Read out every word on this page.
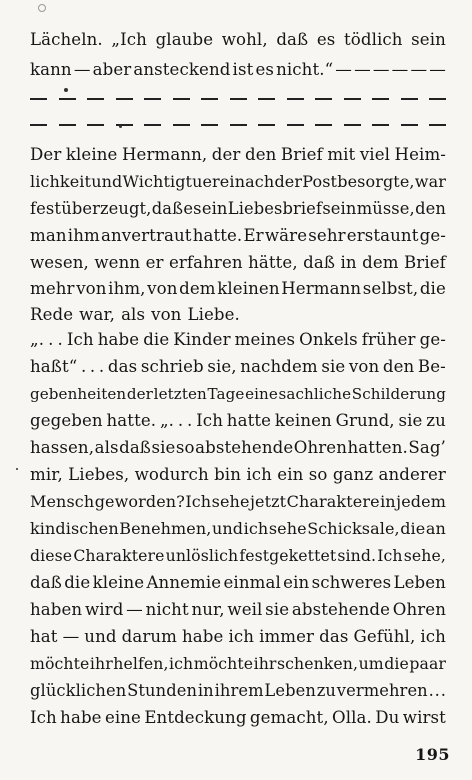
Lächeln. „Ich glaube wohl, daß es tödlich sein
kann — aber ansteckend ist es nicht.“ — — — — — —
Der kleine Hermann, der den Brief mit viel Heim-
lichkeit und Wichtigtuerei nach der Post besorgte, war
fest überzeugt, daß es ein Liebesbrief sein müsse, den
man ihm anvertraut hatte. Er wäre sehr erstaunt ge-
wesen, wenn er erfahren hätte, daß in dem Brief
mehr von ihm, von dem kleinen Hermann selbst, die
Rede war, als von Liebe.
„. . . Ich habe die Kinder meines Onkels früher ge-
haßt“ . . . das schrieb sie, nachdem sie von den Be-
gebenheiten der letzten Tage eine sachliche Schilderung
gegeben hatte. „. . . Ich hatte keinen Grund, sie zu
hassen, als daß sie so abstehende Ohren hatten. Sag’
mir, Liebes, wodurch bin ich ein so ganz anderer
Mensch geworden? Ich sehe jetzt Charaktere in jedem
kindischen Benehmen, und ich sehe Schicksale, die an
diese Charaktere unlöslich festgekettet sind. Ich sehe,
daß die kleine Annemie einmal ein schweres Leben
haben wird — nicht nur, weil sie abstehende Ohren
hat — und darum habe ich immer das Gefühl, ich
möchte ihr helfen, ich möchte ihr schenken, um die paar
glücklichen Stunden in ihrem Leben zu vermehren . . .
Ich habe eine Entdeckung gemacht, Olla. Du wirst
195
